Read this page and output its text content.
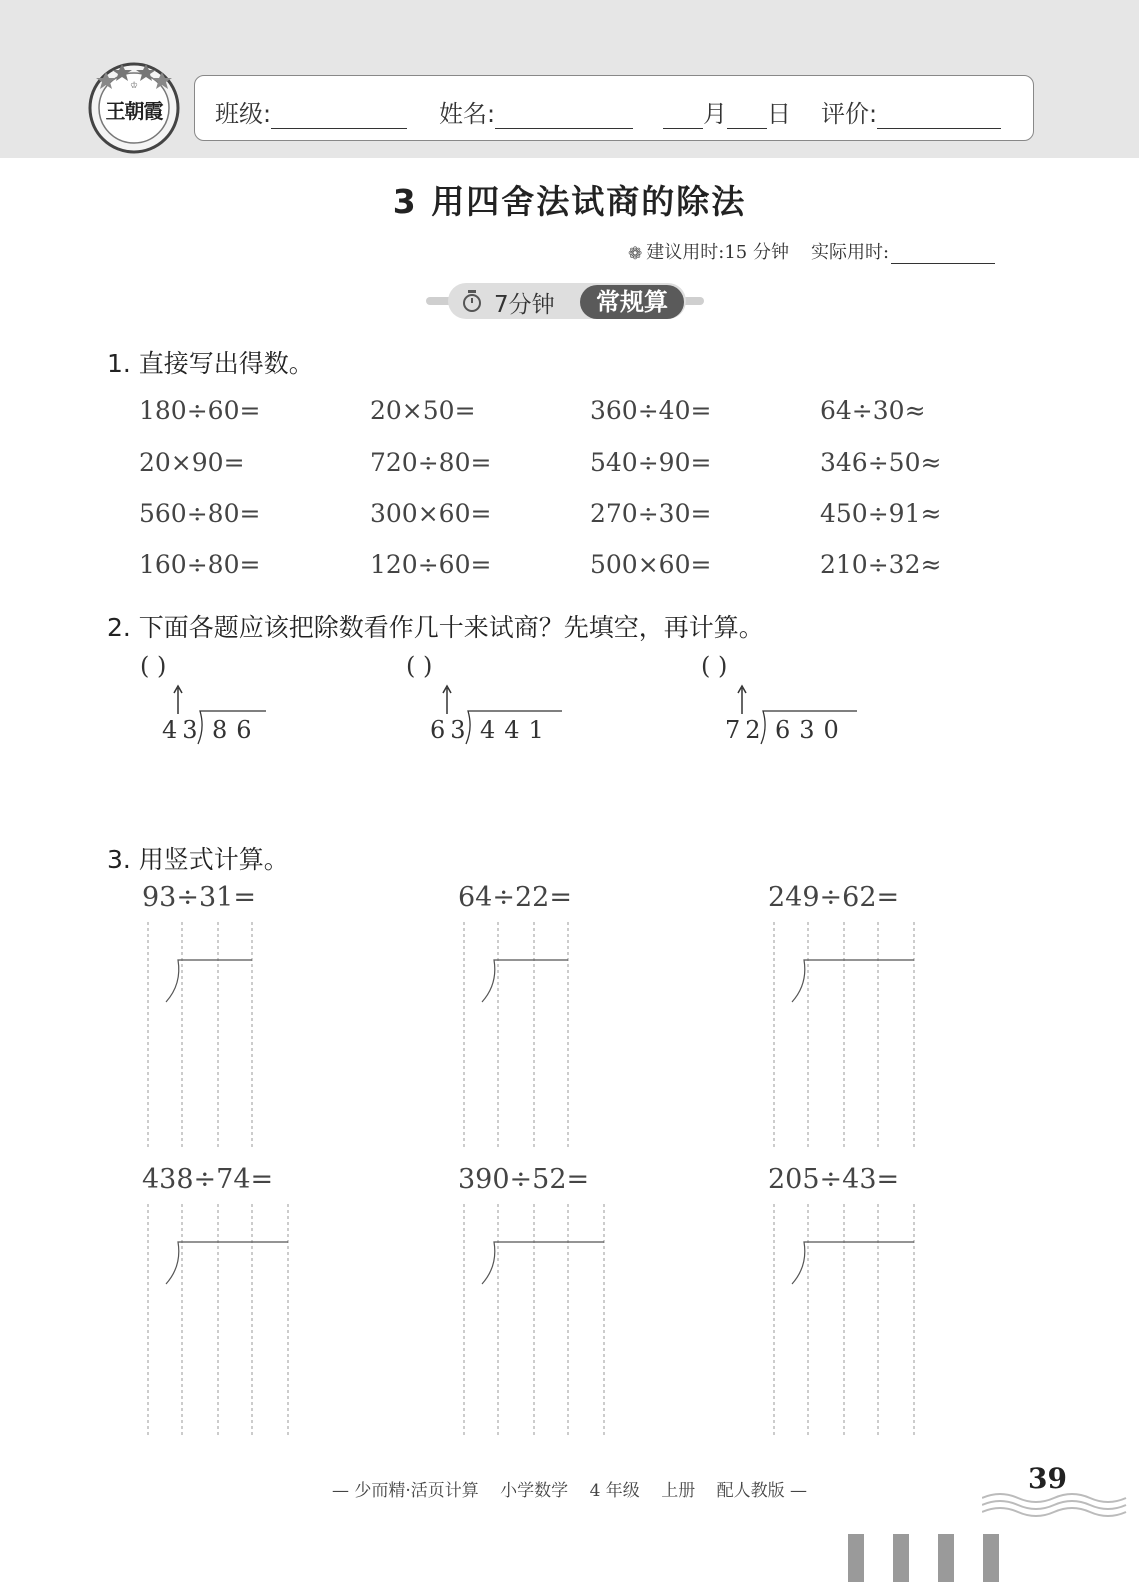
♔
王朝霞	班级:	姓名:	月 日 评价:
3 用四舍法试商的除法
❁ 建议用时:15 分钟 实际用时:
7分钟	常规算
1. 直接写出得数。
180÷60=	20×50=	360÷40=	64÷30≈
20×90=	720÷80=	540÷90=	346÷50≈
560÷80=	300×60=	270÷30=	450÷91≈
160÷80=	120÷60=	500×60=	210÷32≈
2. 下面各题应该把除数看作几十来试商？先填空，再计算。
( )
43 86
( )
63 441
( )
72 630
3. 用竖式计算。
93÷31=	64÷22=	249÷62=
438÷74=	390÷52=	205÷43=
— 少而精·活页计算 小学数学 4 年级 上册 配人教版 —	39
